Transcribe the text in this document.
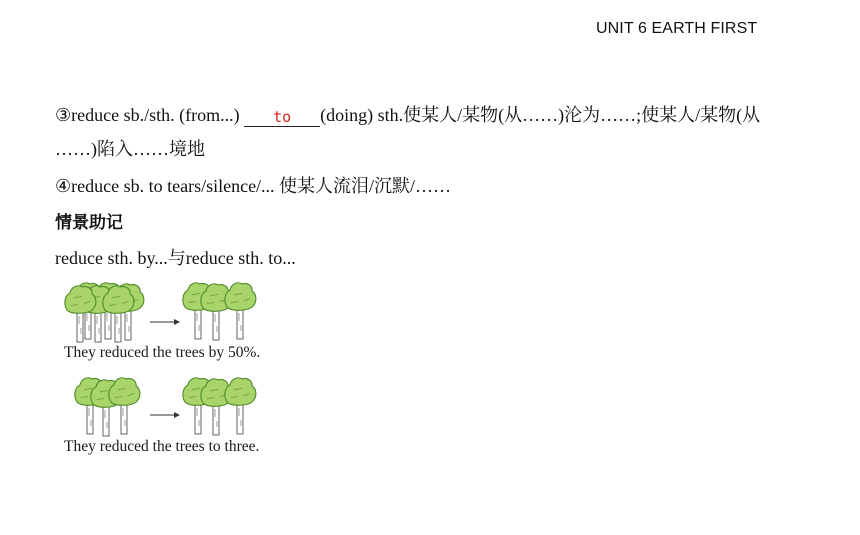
UNIT 6 EARTH FIRST
③reduce sb./sth. (from...) to (doing) sth.使某人/某物(从……)沦为……;使某人/某物(从
……)陷入……境地
④reduce sb. to tears/silence/... 使某人流泪/沉默/……
情景助记
reduce sth. by...与reduce sth. to...
They reduced the trees by 50%.
They reduced the trees to three.
